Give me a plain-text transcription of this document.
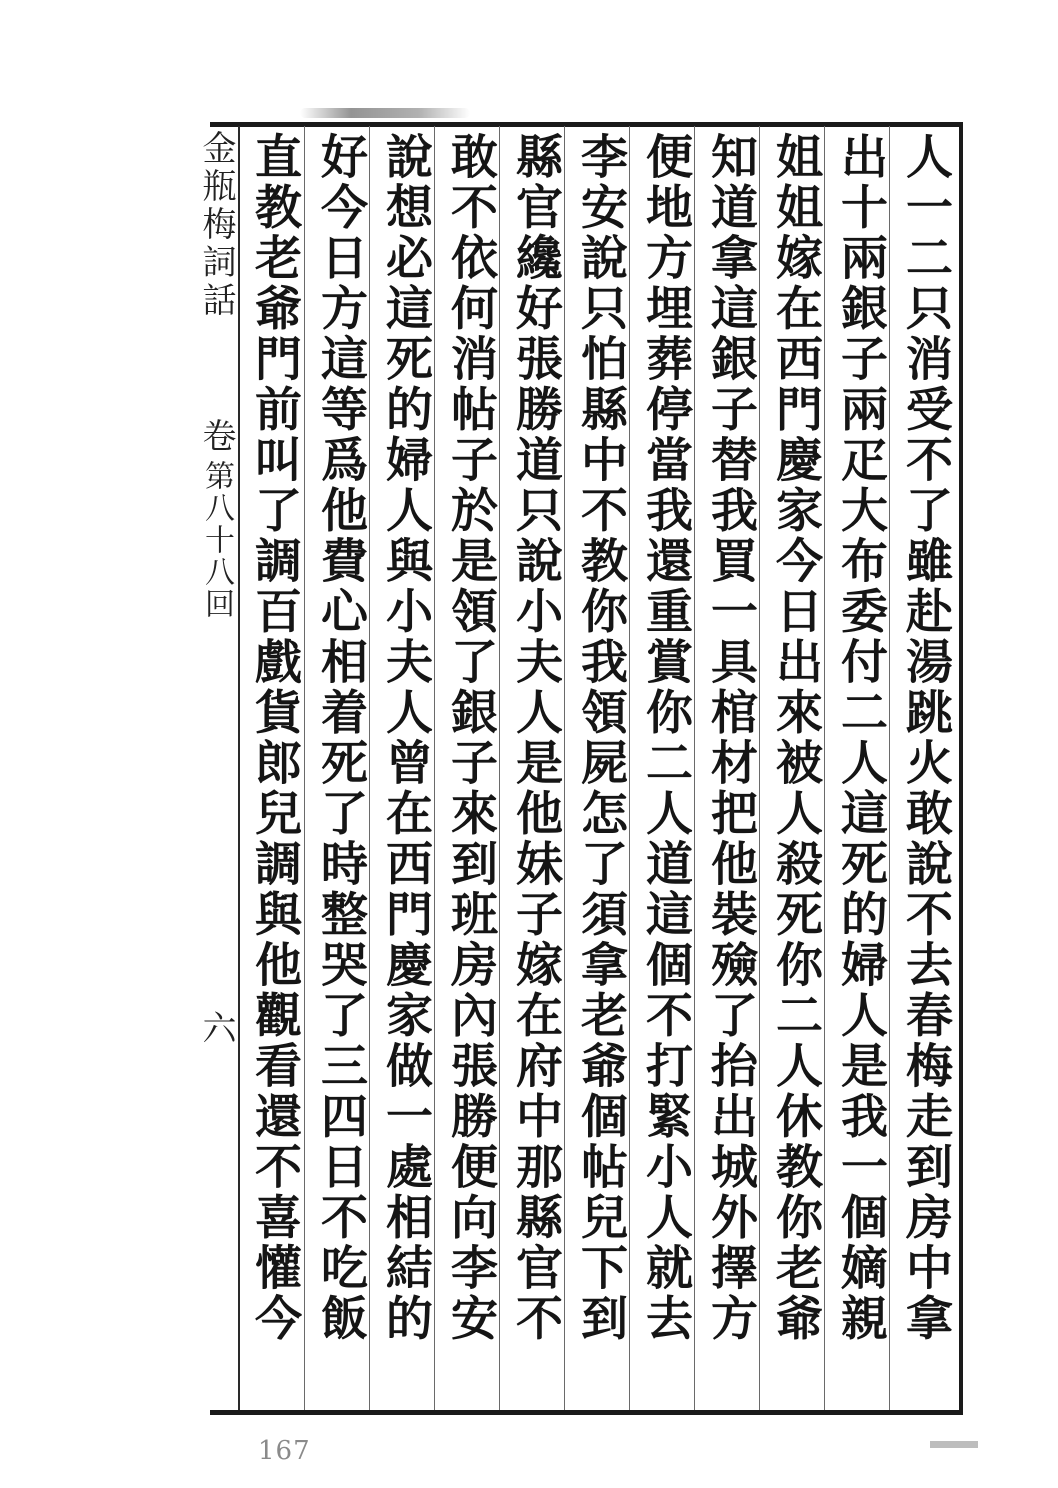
金瓶梅詞話
卷
第八十八回
六	人一二只消受不了雖赴湯跳火敢說不去春梅走到房中拿
出十兩銀子兩疋大布委付二人這死的婦人是我一個嫡親
姐姐嫁在西門慶家今日出來被人殺死你二人休教你老爺
知道拿這銀子替我買一具棺材把他裝殮了抬出城外擇方
便地方埋葬停當我還重賞你二人道這個不打緊小人就去
李安說只怕縣中不教你我領屍怎了須拿老爺個帖兒下到
縣官纔好張勝道只說小夫人是他妹子嫁在府中那縣官不
敢不依何消帖子於是領了銀子來到班房內張勝便向李安
說想必這死的婦人與小夫人曾在西門慶家做一處相結的
好今日方這等爲他費心相着死了時整哭了三四日不吃飯
直教老爺門前叫了調百戲貨郎兒調與他觀看還不喜懽今
167
